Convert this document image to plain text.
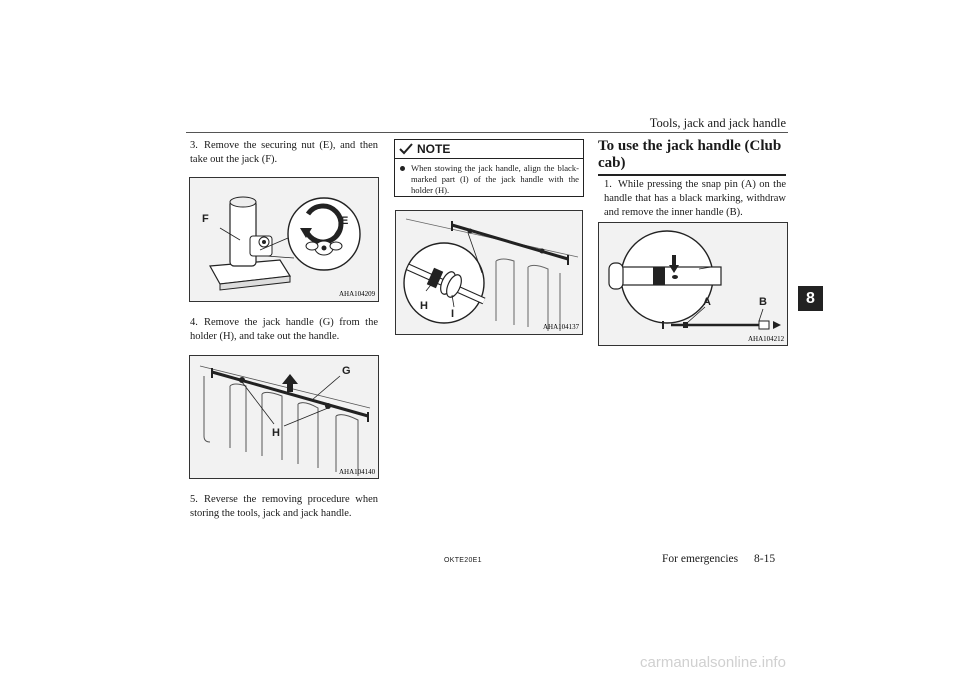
Tools, jack and jack handle
3. Remove the securing nut (E), and then take out the jack (F).
F	E
AHA104209
4. Remove the jack handle (G) from the holder (H), and take out the handle.
G
H
AHA104140
5. Reverse the removing procedure when storing the tools, jack and jack handle.
NOTE
When stowing the jack handle, align the black-marked part (I) of the jack handle with the holder (H).
H
I
AHA104137
To use the jack handle (Club cab)
1. While pressing the snap pin (A) on the handle that has a black marking, withdraw and remove the inner handle (B).
A	B
AHA104212
8
OKTE20E1	For emergencies 8-15
carmanualsonline.info
